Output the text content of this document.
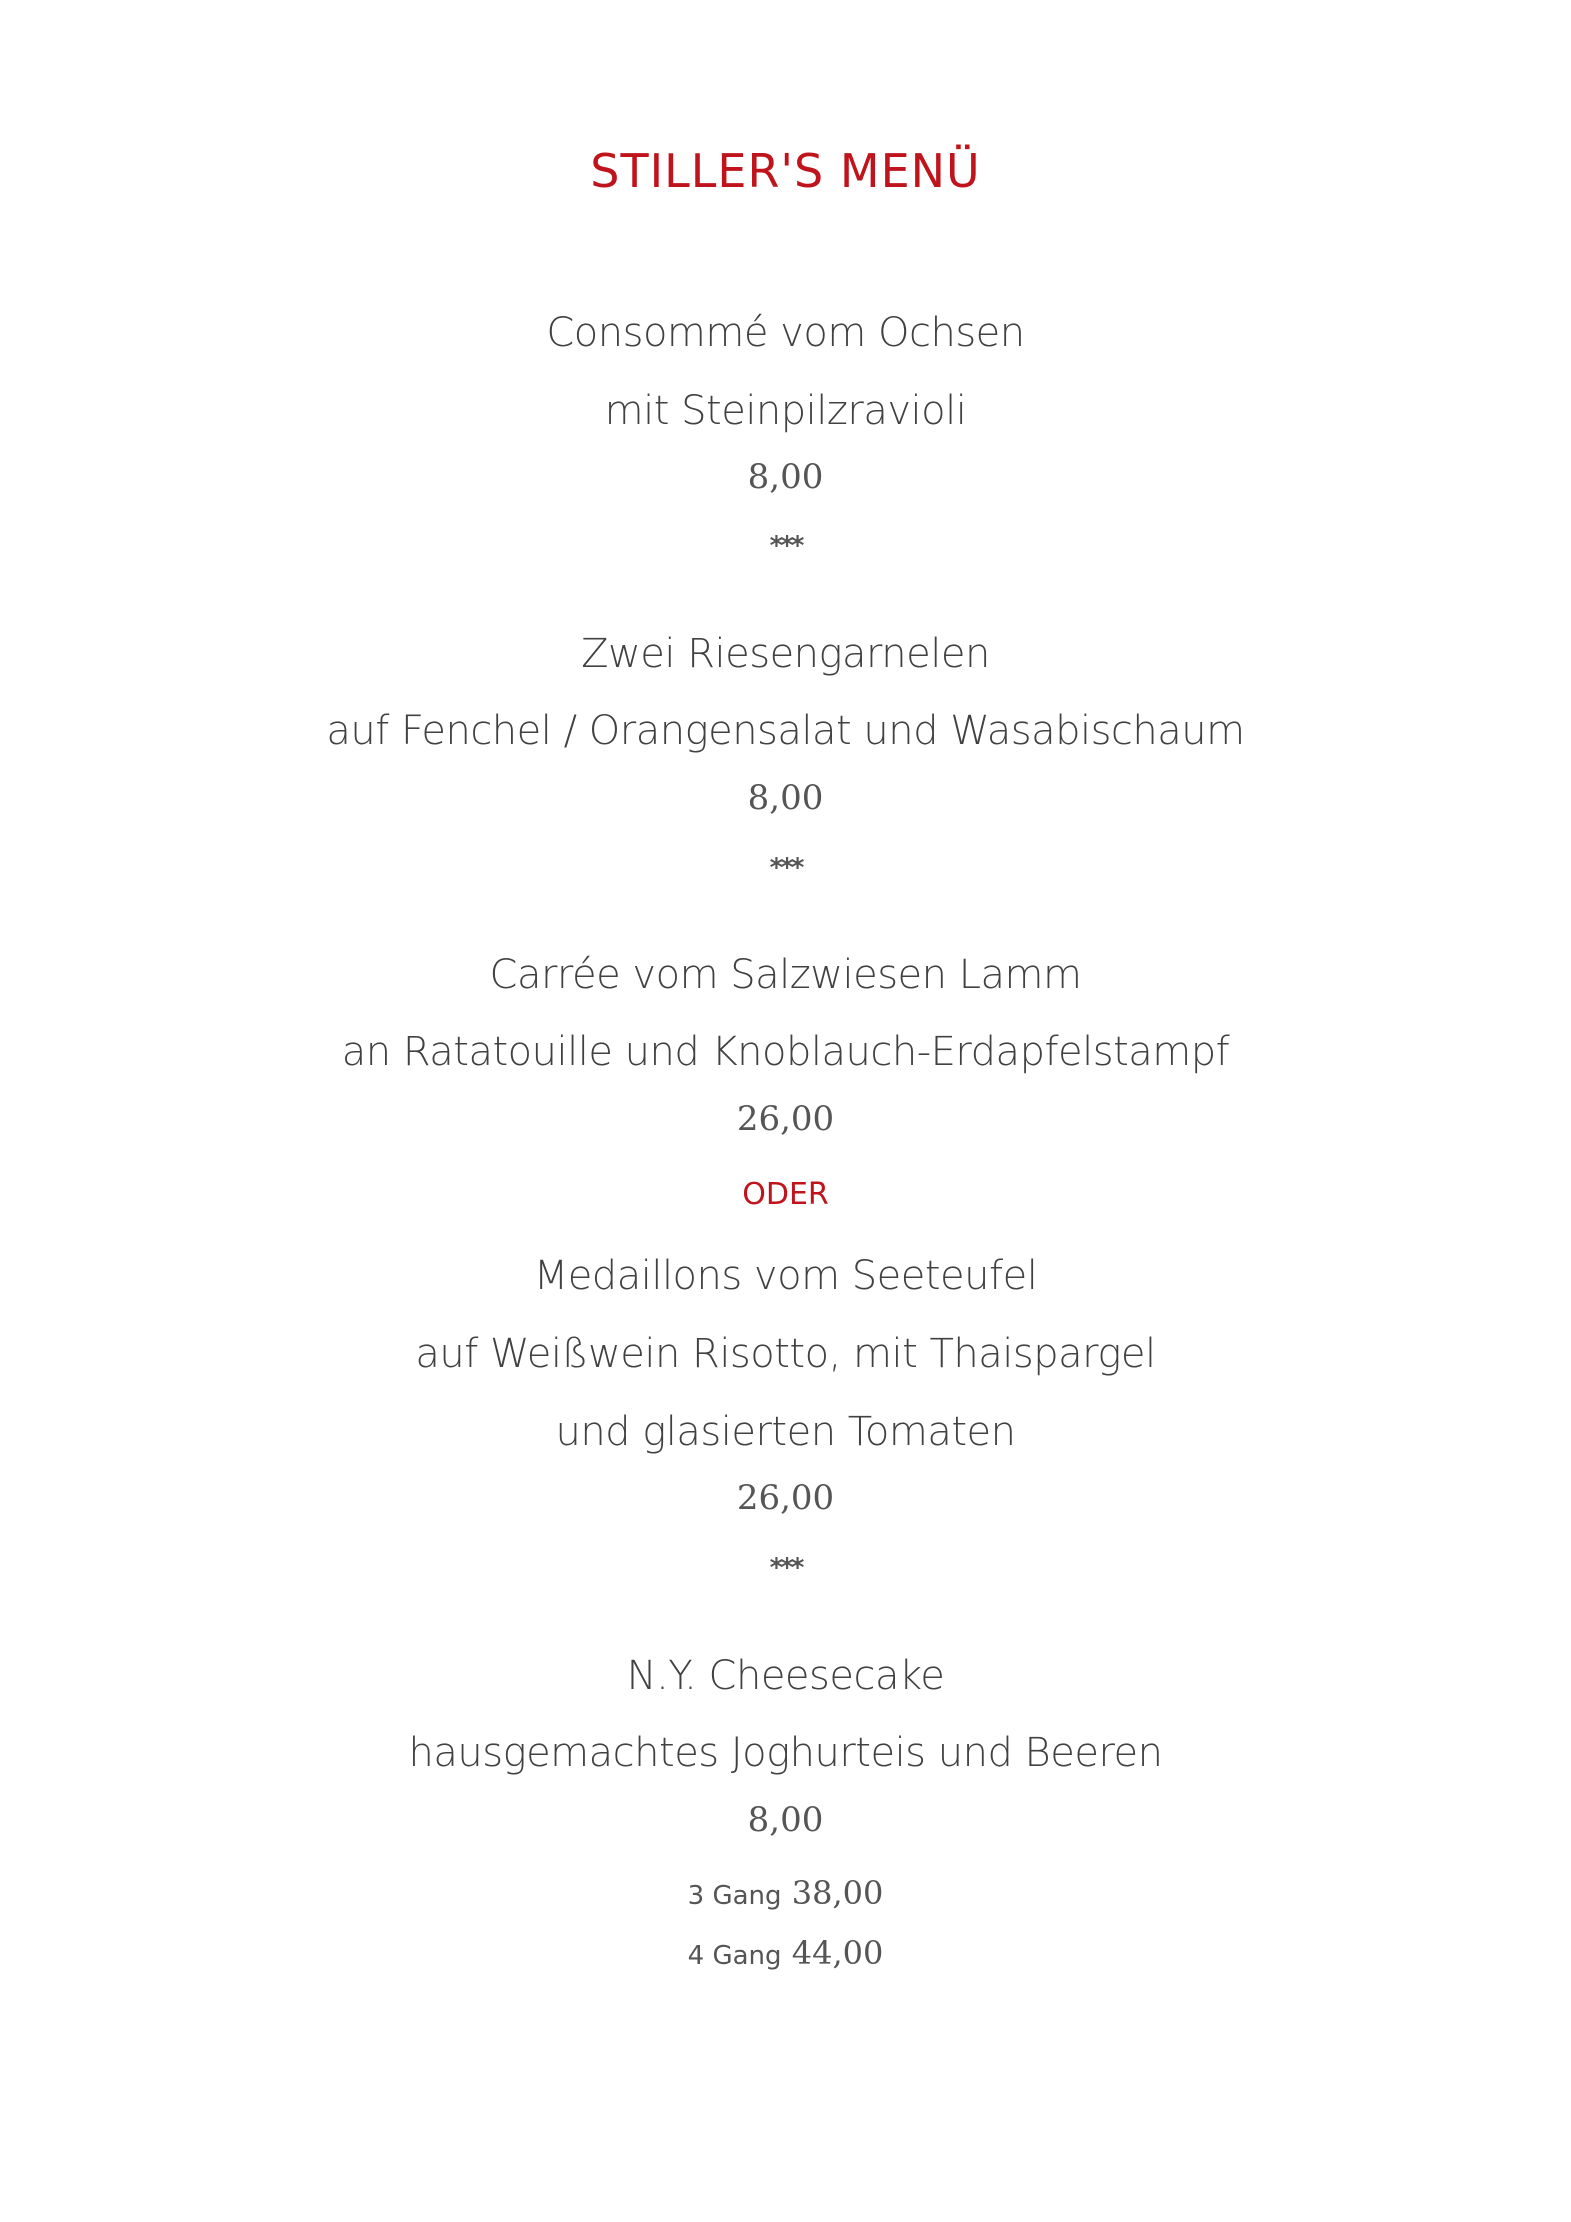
STILLER'S MENÜ
Consommé vom Ochsen
mit Steinpilzravioli
8,00
***
Zwei Riesengarnelen
auf Fenchel / Orangensalat und Wasabischaum
8,00
***
Carrée vom Salzwiesen Lamm
an Ratatouille und Knoblauch-Erdapfelstampf
26,00
ODER
Medaillons vom Seeteufel
auf Weißwein Risotto, mit Thaispargel
und glasierten Tomaten
26,00
***
N.Y. Cheesecake
hausgemachtes Joghurteis und Beeren
8,00
3 Gang 38,00
4 Gang 44,00
